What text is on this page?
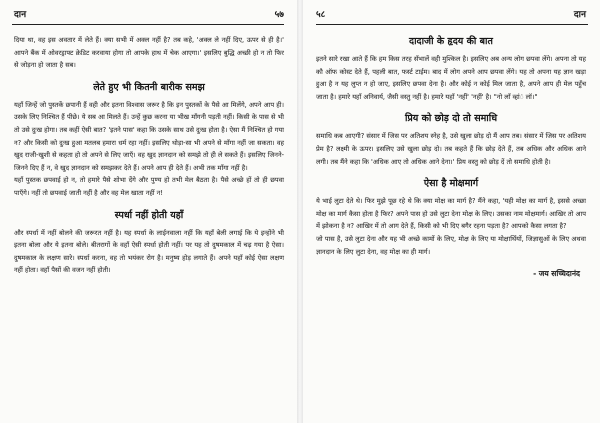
दान	५७

दिया था, वह इस अवतार में लेते हैं। क्या सभी में अक्ल नहीं है? तब कहे, 'अक्ल ले नहीं दिए, ऊपर से ही है।' आपने बैंक में ओवरड्राफ्ट क्रेडिट करवाया होगा तो आपके हाथ में चेक आएगा।' इसलिए बुद्धि अच्छी हो न तो फिर से जोड़ना हो जाता है सब।

लेते हुए भी कितनी बारीक समझ

यहाँ जिन्हें जो पुस्तकें छपानी हैं वही और इतना विश्वास जरूर है कि इन पुस्तकों के पैसे आ मिलेंगे, अपने आप ही। उसके लिए निश्चित हैं पीछे। ये सब आ मिलते हैं। उन्हें कुछ करना या भीख माँगनी पड़ती नहीं। किसी के पास से भी तो उसे दुःख होगा। तब कहीं ऐसी बात? 'इतने पास' कहा कि उसके साथ उसे दुःख होता है। ऐसा मैं निश्चित हो गया न? और किसी को दुःख हुआ मतलब हमारा धर्म रहा नहीं। इसलिए थोड़ा-सा भी अपने से माँगा नहीं जा सकता। वह खुद राजी-खुशी से कहता हो तो अपने से लिए जाएँ। वह खुद ज्ञानदान को समझे तो ही ले सकते हैं। इसलिए जिनने-जिनने दिए हैं न, वे खुद ज्ञानदान को समझकर देते हैं। अपने आप ही देते हैं। अभी तक माँगा नहीं है।

यहाँ पुस्तक छपवाई हो न, तो हमारे पैसे शोभा देंगे और पुण्य हो तभी मेल बैठता है। पैसे अच्छे हों तो ही छपवा पाएँगे। नहीं तो छपवाई जाती नहीं है और वह मेल खाता नहीं न!

स्पर्धा नहीं होती यहाँ

और स्पर्धा में नहीं बोलने की जरूरत नहीं है। यह स्पर्धा के लाईनवाला नहीं कि यहाँ बेली लगाई कि ये इन्होंने भी इतना बोला और ये इतना बोले। बीतरागों के वहाँ ऐसी स्पर्धा होती नहीं। पर यह तो दुषमकाल में चढ़ गया है ऐसा। दुषमकाल के लक्षण सारे। स्पर्धा करना, वह तो भयंकर रोग है। मनुष्य होड़ लगाते हैं। अपने यहाँ कोई ऐसा लक्षण नहीं होता। वहाँ पैसों की वजन नहीं होती।

५८	दान
दादाजी के हृदय की बात

इतने सारे रखा आते हैं कि हम किस तरह सँभालें वही मुश्किल है। इसलिए अब अन्य लोग छपवा लेंगे। अपना तो यह कौ ऑफ कोस्ट देते हैं, पहली बात, फर्स्ट टाईम। बाद में लोग अपने आप छपवा लेंगे। यह तो अपना यह ज्ञान खड़ा हुआ है न यह लुप्त न हो जाए, इसलिए छपवा देना है। और कोई न कोई मिल जाता है, अपने आप ही मेल पहुँच जाता है। हमारे यहाँ अनिवार्य, जैसी वस्तु नहीं है। हमारे यहाँ 'नहीं' 'नहीं' है। "नो लाँ व्हांंं लॉ।"

प्रिय को छोड़ दो तो समाधि

समाधि कब आएगी? संसार में जिस पर अतिशय स्नेह है, उसे खुला छोड़ दो मैं आप तब। संसार में जिस पर अतिशय प्रेम है? लक्ष्मी के ऊपर। इसलिए उसे खुला छोड़ दो। तब कहते हैं कि छोड़ देते हैं, तब अधिक और अधिक आने लगी। तब मैंने कहा कि 'अधिक आए तो अधिक आने देना।' प्रिय वस्तु को छोड़ दें तो समाधि होती है।

ऐसा है मोक्षमार्ग

ये भाई लुटा देते थे। फिर मुझे पूछ रहे थे कि क्या मोक्ष का मार्ग है? मैंने कहा, 'यही मोक्ष का मार्ग है, इससे अच्छा मोक्ष का मार्ग कैसा होता है फिर? अपने पास हो उसे लुटा देना मोक्ष के लिए। उसका नाम मोक्षमार्ग। आखिर तो आप में झोकना है न? आखिर में तो आग देते हैं, किसी को भी दिए बगैर रहना पड़ता है? आपको कैसा लगता है?

जो पास है, उसे लुटा देना और यह भी अच्छे कामों के लिए, मोक्ष के लिए या मोक्षार्थियों, जिज्ञासुओं के लिए अथवा ज्ञानदान के लिए लुटा देना, वह मोक्ष का ही मार्ग।

- जय सच्चिदानंद
